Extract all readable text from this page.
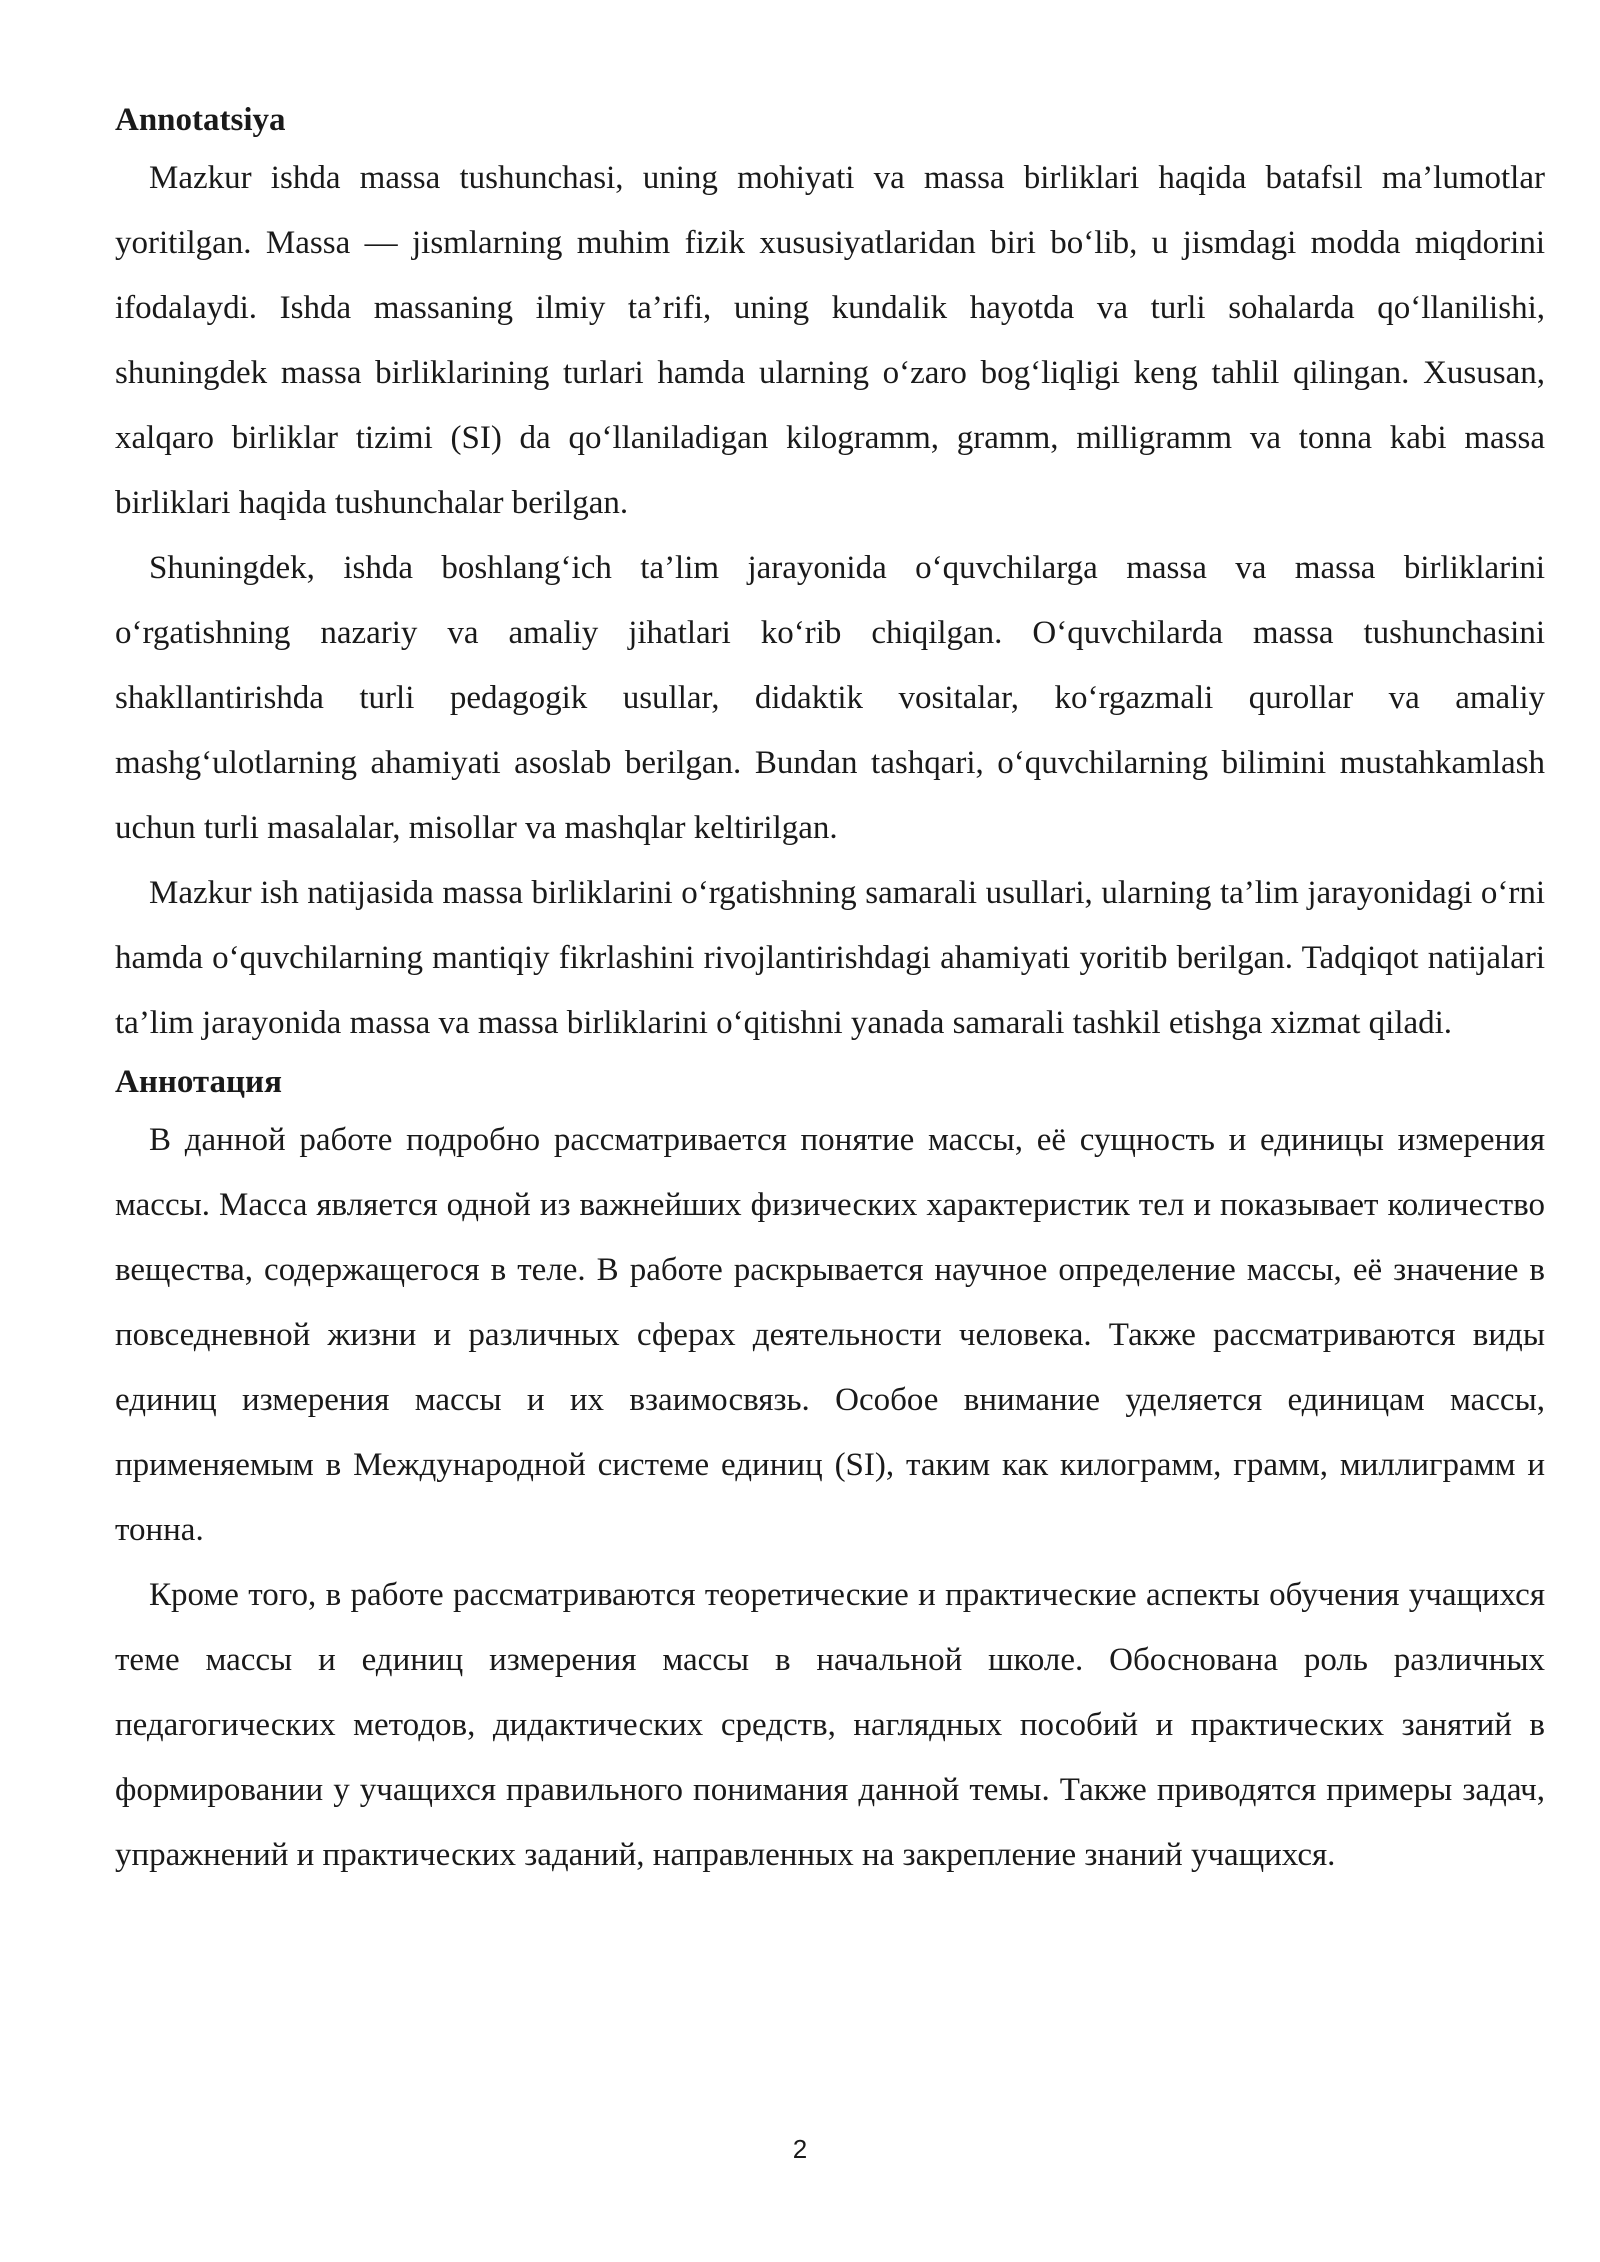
Annotatsiya

Mazkur ishda massa tushunchasi, uning mohiyati va massa birliklari haqida batafsil ma’lumotlar yoritilgan. Massa — jismlarning muhim fizik xususiyatlaridan biri bo‘lib, u jismdagi modda miqdorini ifodalaydi. Ishda massaning ilmiy ta’rifi, uning kundalik hayotda va turli sohalarda qo‘llanilishi, shuningdek massa birliklarining turlari hamda ularning o‘zaro bog‘liqligi keng tahlil qilingan. Xususan, xalqaro birliklar tizimi (SI) da qo‘llaniladigan kilogramm, gramm, milligramm va tonna kabi massa birliklari haqida tushunchalar berilgan.

Shuningdek, ishda boshlang‘ich ta’lim jarayonida o‘quvchilarga massa va massa birliklarini o‘rgatishning nazariy va amaliy jihatlari ko‘rib chiqilgan. O‘quvchilarda massa tushunchasini shakllantirishda turli pedagogik usullar, didaktik vositalar, ko‘rgazmali qurollar va amaliy mashg‘ulotlarning ahamiyati asoslab berilgan. Bundan tashqari, o‘quvchilarning bilimini mustahkamlash uchun turli masalalar, misollar va mashqlar keltirilgan.

Mazkur ish natijasida massa birliklarini o‘rgatishning samarali usullari, ularning ta’lim jarayonidagi o‘rni hamda o‘quvchilarning mantiqiy fikrlashini rivojlantirishdagi ahamiyati yoritib berilgan. Tadqiqot natijalari ta’lim jarayonida massa va massa birliklarini o‘qitishni yanada samarali tashkil etishga xizmat qiladi.

Аннотация

В данной работе подробно рассматривается понятие массы, её сущность и единицы измерения массы. Масса является одной из важнейших физических характеристик тел и показывает количество вещества, содержащегося в теле. В работе раскрывается научное определение массы, её значение в повседневной жизни и различных сферах деятельности человека. Также рассматриваются виды единиц измерения массы и их взаимосвязь. Особое внимание уделяется единицам массы, применяемым в Международной системе единиц (SI), таким как килограмм, грамм, миллиграмм и тонна.

Кроме того, в работе рассматриваются теоретические и практические аспекты обучения учащихся теме массы и единиц измерения массы в начальной школе. Обоснована роль различных педагогических методов, дидактических средств, наглядных пособий и практических занятий в формировании у учащихся правильного понимания данной темы. Также приводятся примеры задач, упражнений и практических заданий, направленных на закрепление знаний учащихся.

2
